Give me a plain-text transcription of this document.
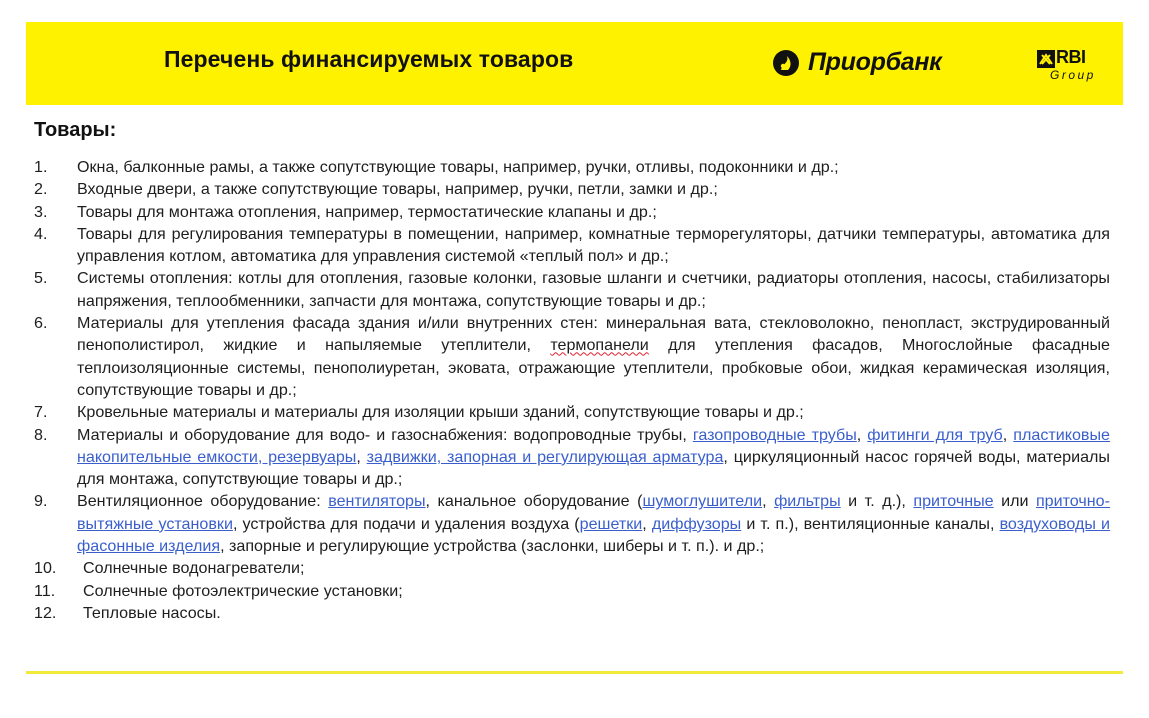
Перечень финансируемых товаров	Приорбанк	RBI
Group
Товары:
1. Окна, балконные рамы, а также сопутствующие товары, например, ручки, отливы, подоконники и др.;
2. Входные двери, а также сопутствующие товары, например, ручки, петли, замки и др.;
3. Товары для монтажа отопления, например, термостатические клапаны и др.;
4. Товары для регулирования температуры в помещении, например, комнатные терморегуляторы, датчики температуры, автоматика для управления котлом, автоматика для управления системой «теплый пол» и др.;
5. Системы отопления: котлы для отопления, газовые колонки, газовые шланги и счетчики, радиаторы отопления, насосы, стабилизаторы напряжения, теплообменники, запчасти для монтажа, сопутствующие товары и др.;
6. Материалы для утепления фасада здания и/или внутренних стен: минеральная вата, стекловолокно, пенопласт, экструдированный пенополистирол, жидкие и напыляемые утеплители, термопанели для утепления фасадов, Многослойные фасадные теплоизоляционные системы, пенополиуретан, эковата, отражающие утеплители, пробковые обои, жидкая керамическая изоляция, сопутствующие товары и др.;
7. Кровельные материалы и материалы для изоляции крыши зданий, сопутствующие товары и др.;
8. Материалы и оборудование для водо- и газоснабжения: водопроводные трубы, газопроводные трубы, фитинги для труб, пластиковые накопительные емкости, резервуары, задвижки, запорная и регулирующая арматура, циркуляционный насос горячей воды, материалы для монтажа, сопутствующие товары и др.;
9. Вентиляционное оборудование: вентиляторы, канальное оборудование (шумоглушители, фильтры и т. д.), приточные или приточно-вытяжные установки, устройства для подачи и удаления воздуха (решетки, диффузоры и т. п.), вентиляционные каналы, воздуховоды и фасонные изделия, запорные и регулирующие устройства (заслонки, шиберы и т. п.). и др.;
10. Солнечные водонагреватели;
11. Солнечные фотоэлектрические установки;
12. Тепловые насосы.
